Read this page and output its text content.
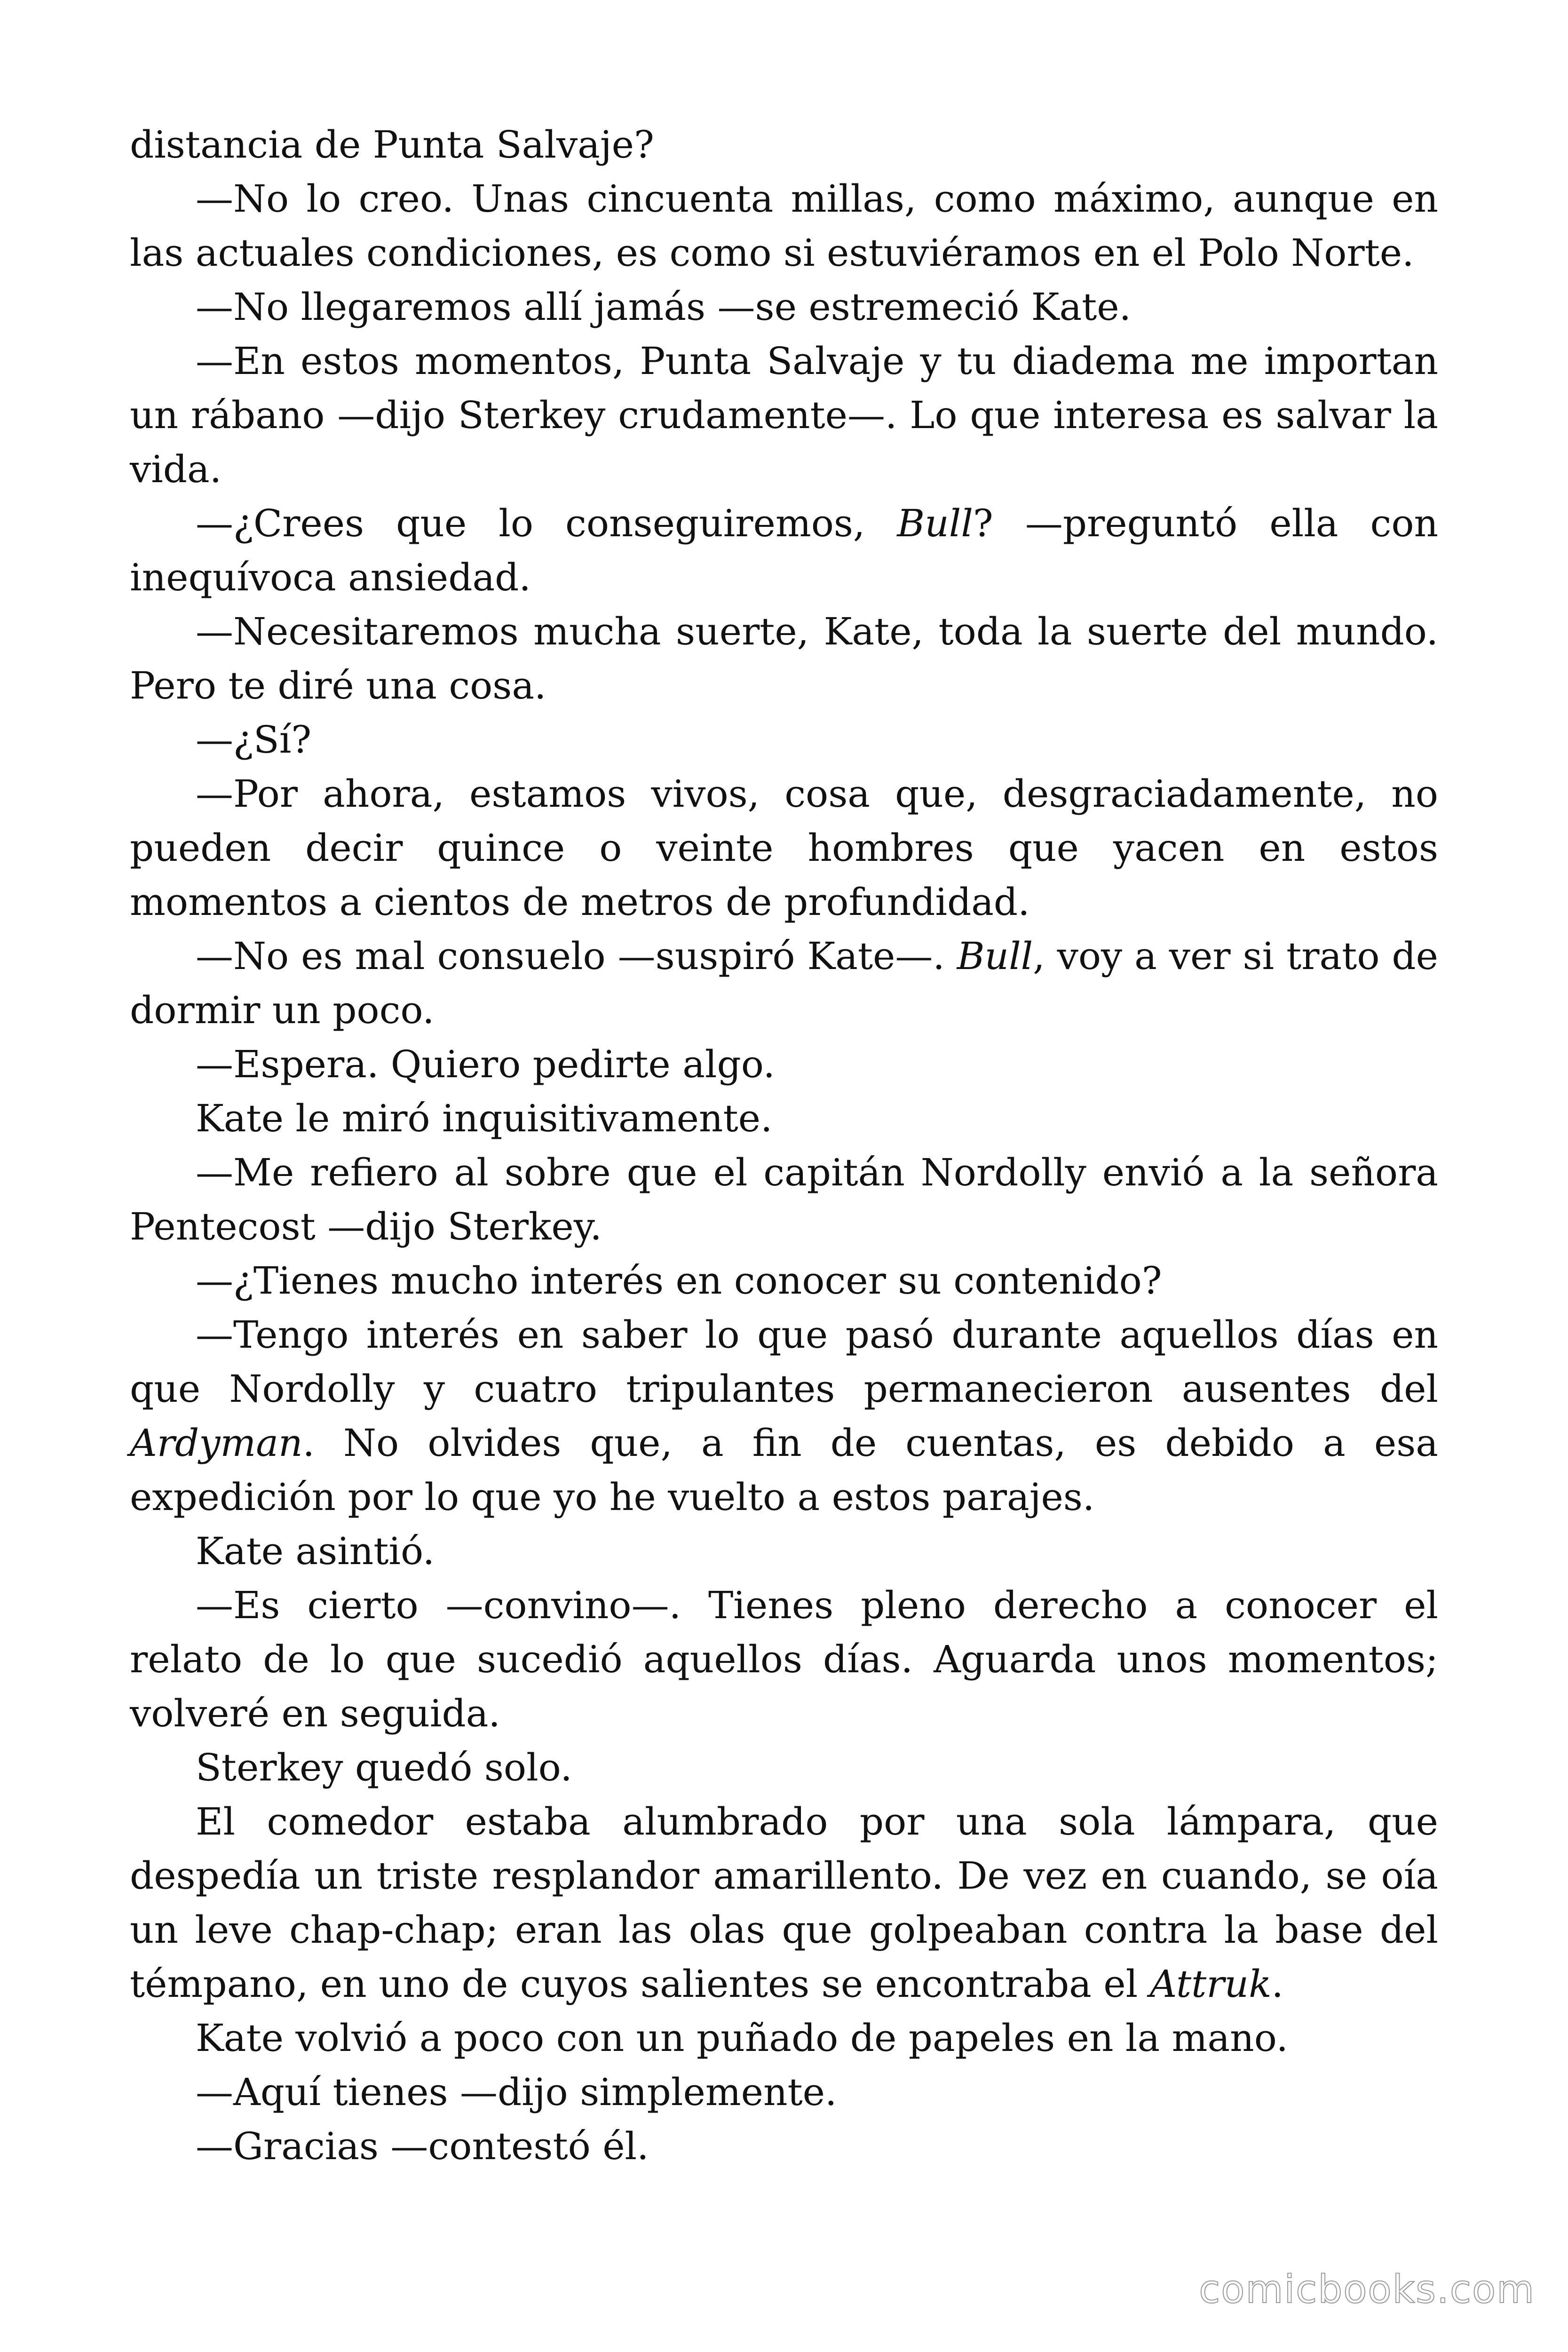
distancia de Punta Salvaje?

—No lo creo. Unas cincuenta millas, como máximo, aunque en las actuales condiciones, es como si estuviéramos en el Polo Norte.

—No llegaremos allí jamás —se estremeció Kate.

—En estos momentos, Punta Salvaje y tu diadema me importan un rábano —dijo Sterkey crudamente—. Lo que interesa es salvar la vida.

—¿Crees que lo conseguiremos, Bull? —preguntó ella con inequívoca ansiedad.

—Necesitaremos mucha suerte, Kate, toda la suerte del mundo. Pero te diré una cosa.

—¿Sí?

—Por ahora, estamos vivos, cosa que, desgraciadamente, no pueden decir quince o veinte hombres que yacen en estos momentos a cientos de metros de profundidad.

—No es mal consuelo —suspiró Kate—. Bull, voy a ver si trato de dormir un poco.

—Espera. Quiero pedirte algo.

Kate le miró inquisitivamente.

—Me refiero al sobre que el capitán Nordolly envió a la señora Pentecost —dijo Sterkey.

—¿Tienes mucho interés en conocer su contenido?

—Tengo interés en saber lo que pasó durante aquellos días en que Nordolly y cuatro tripulantes permanecieron ausentes del Ardyman. No olvides que, a fin de cuentas, es debido a esa expedición por lo que yo he vuelto a estos parajes.

Kate asintió.

—Es cierto —convino—. Tienes pleno derecho a conocer el relato de lo que sucedió aquellos días. Aguarda unos momentos; volveré en seguida.

Sterkey quedó solo.

El comedor estaba alumbrado por una sola lámpara, que despedía un triste resplandor amarillento. De vez en cuando, se oía un leve chap-chap; eran las olas que golpeaban contra la base del témpano, en uno de cuyos salientes se encontraba el Attruk.

Kate volvió a poco con un puñado de papeles en la mano.

—Aquí tienes —dijo simplemente.

—Gracias —contestó él.

comicbooks.com
